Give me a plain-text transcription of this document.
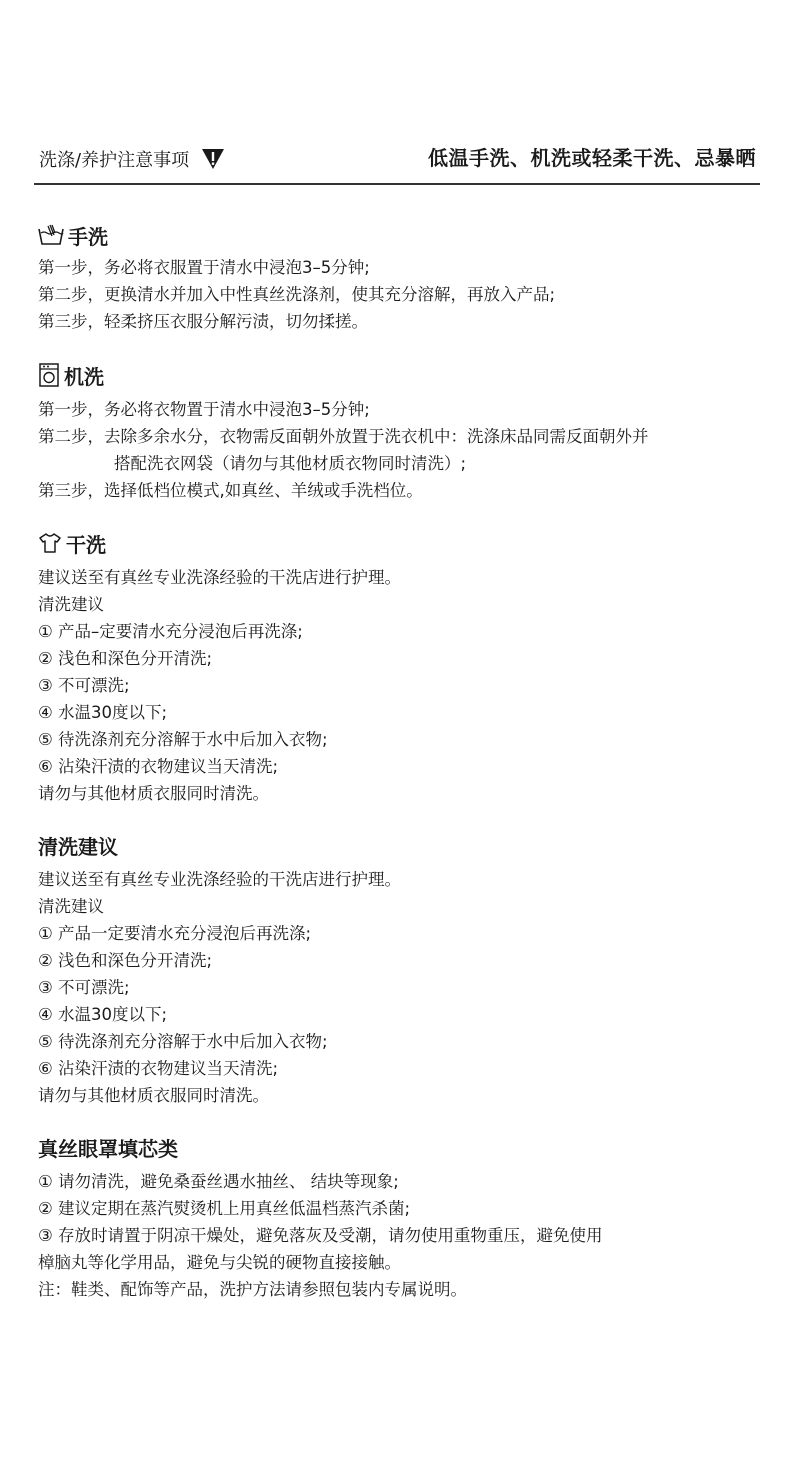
洗涤/养护注意事项	低温手洗、机洗或轻柔干洗、忌暴晒
手洗
第一步，务必将衣服置于清水中浸泡3–5分钟;
第二步，更换清水并加入中性真丝洗涤剂，使其充分溶解，再放入产品;
第三步，轻柔挤压衣服分解污渍，切勿揉搓。
机洗
第一步，务必将衣物置于清水中浸泡3–5分钟;
第二步，去除多余水分，衣物需反面朝外放置于洗衣机中：洗涤床品同需反面朝外并
搭配洗衣网袋（请勿与其他材质衣物同时清洗）;
第三步，选择低档位模式,如真丝、羊绒或手洗档位。
干洗
建议送至有真丝专业洗涤经验的干洗店进行护理。
清洗建议
① 产品–定要清水充分浸泡后再洗涤;
② 浅色和深色分开清洗;
③ 不可漂洗;
④ 水温30度以下;
⑤ 待洗涤剂充分溶解于水中后加入衣物;
⑥ 沾染汗渍的衣物建议当天清洗;
请勿与其他材质衣服同时清洗。
清洗建议
建议送至有真丝专业洗涤经验的干洗店进行护理。
清洗建议
① 产品一定要清水充分浸泡后再洗涤;
② 浅色和深色分开清洗;
③ 不可漂洗;
④ 水温30度以下;
⑤ 待洗涤剂充分溶解于水中后加入衣物;
⑥ 沾染汗渍的衣物建议当天清洗;
请勿与其他材质衣服同时清洗。
真丝眼罩填芯类
① 请勿清洗，避免桑蚕丝遇水抽丝、 结块等现象;
② 建议定期在蒸汽熨烫机上用真丝低温档蒸汽杀菌;
③ 存放时请置于阴凉干燥处，避免落灰及受潮，请勿使用重物重压，避免使用
樟脑丸等化学用品，避免与尖锐的硬物直接接触。
注：鞋类、配饰等产品，洗护方法请参照包装内专属说明。
